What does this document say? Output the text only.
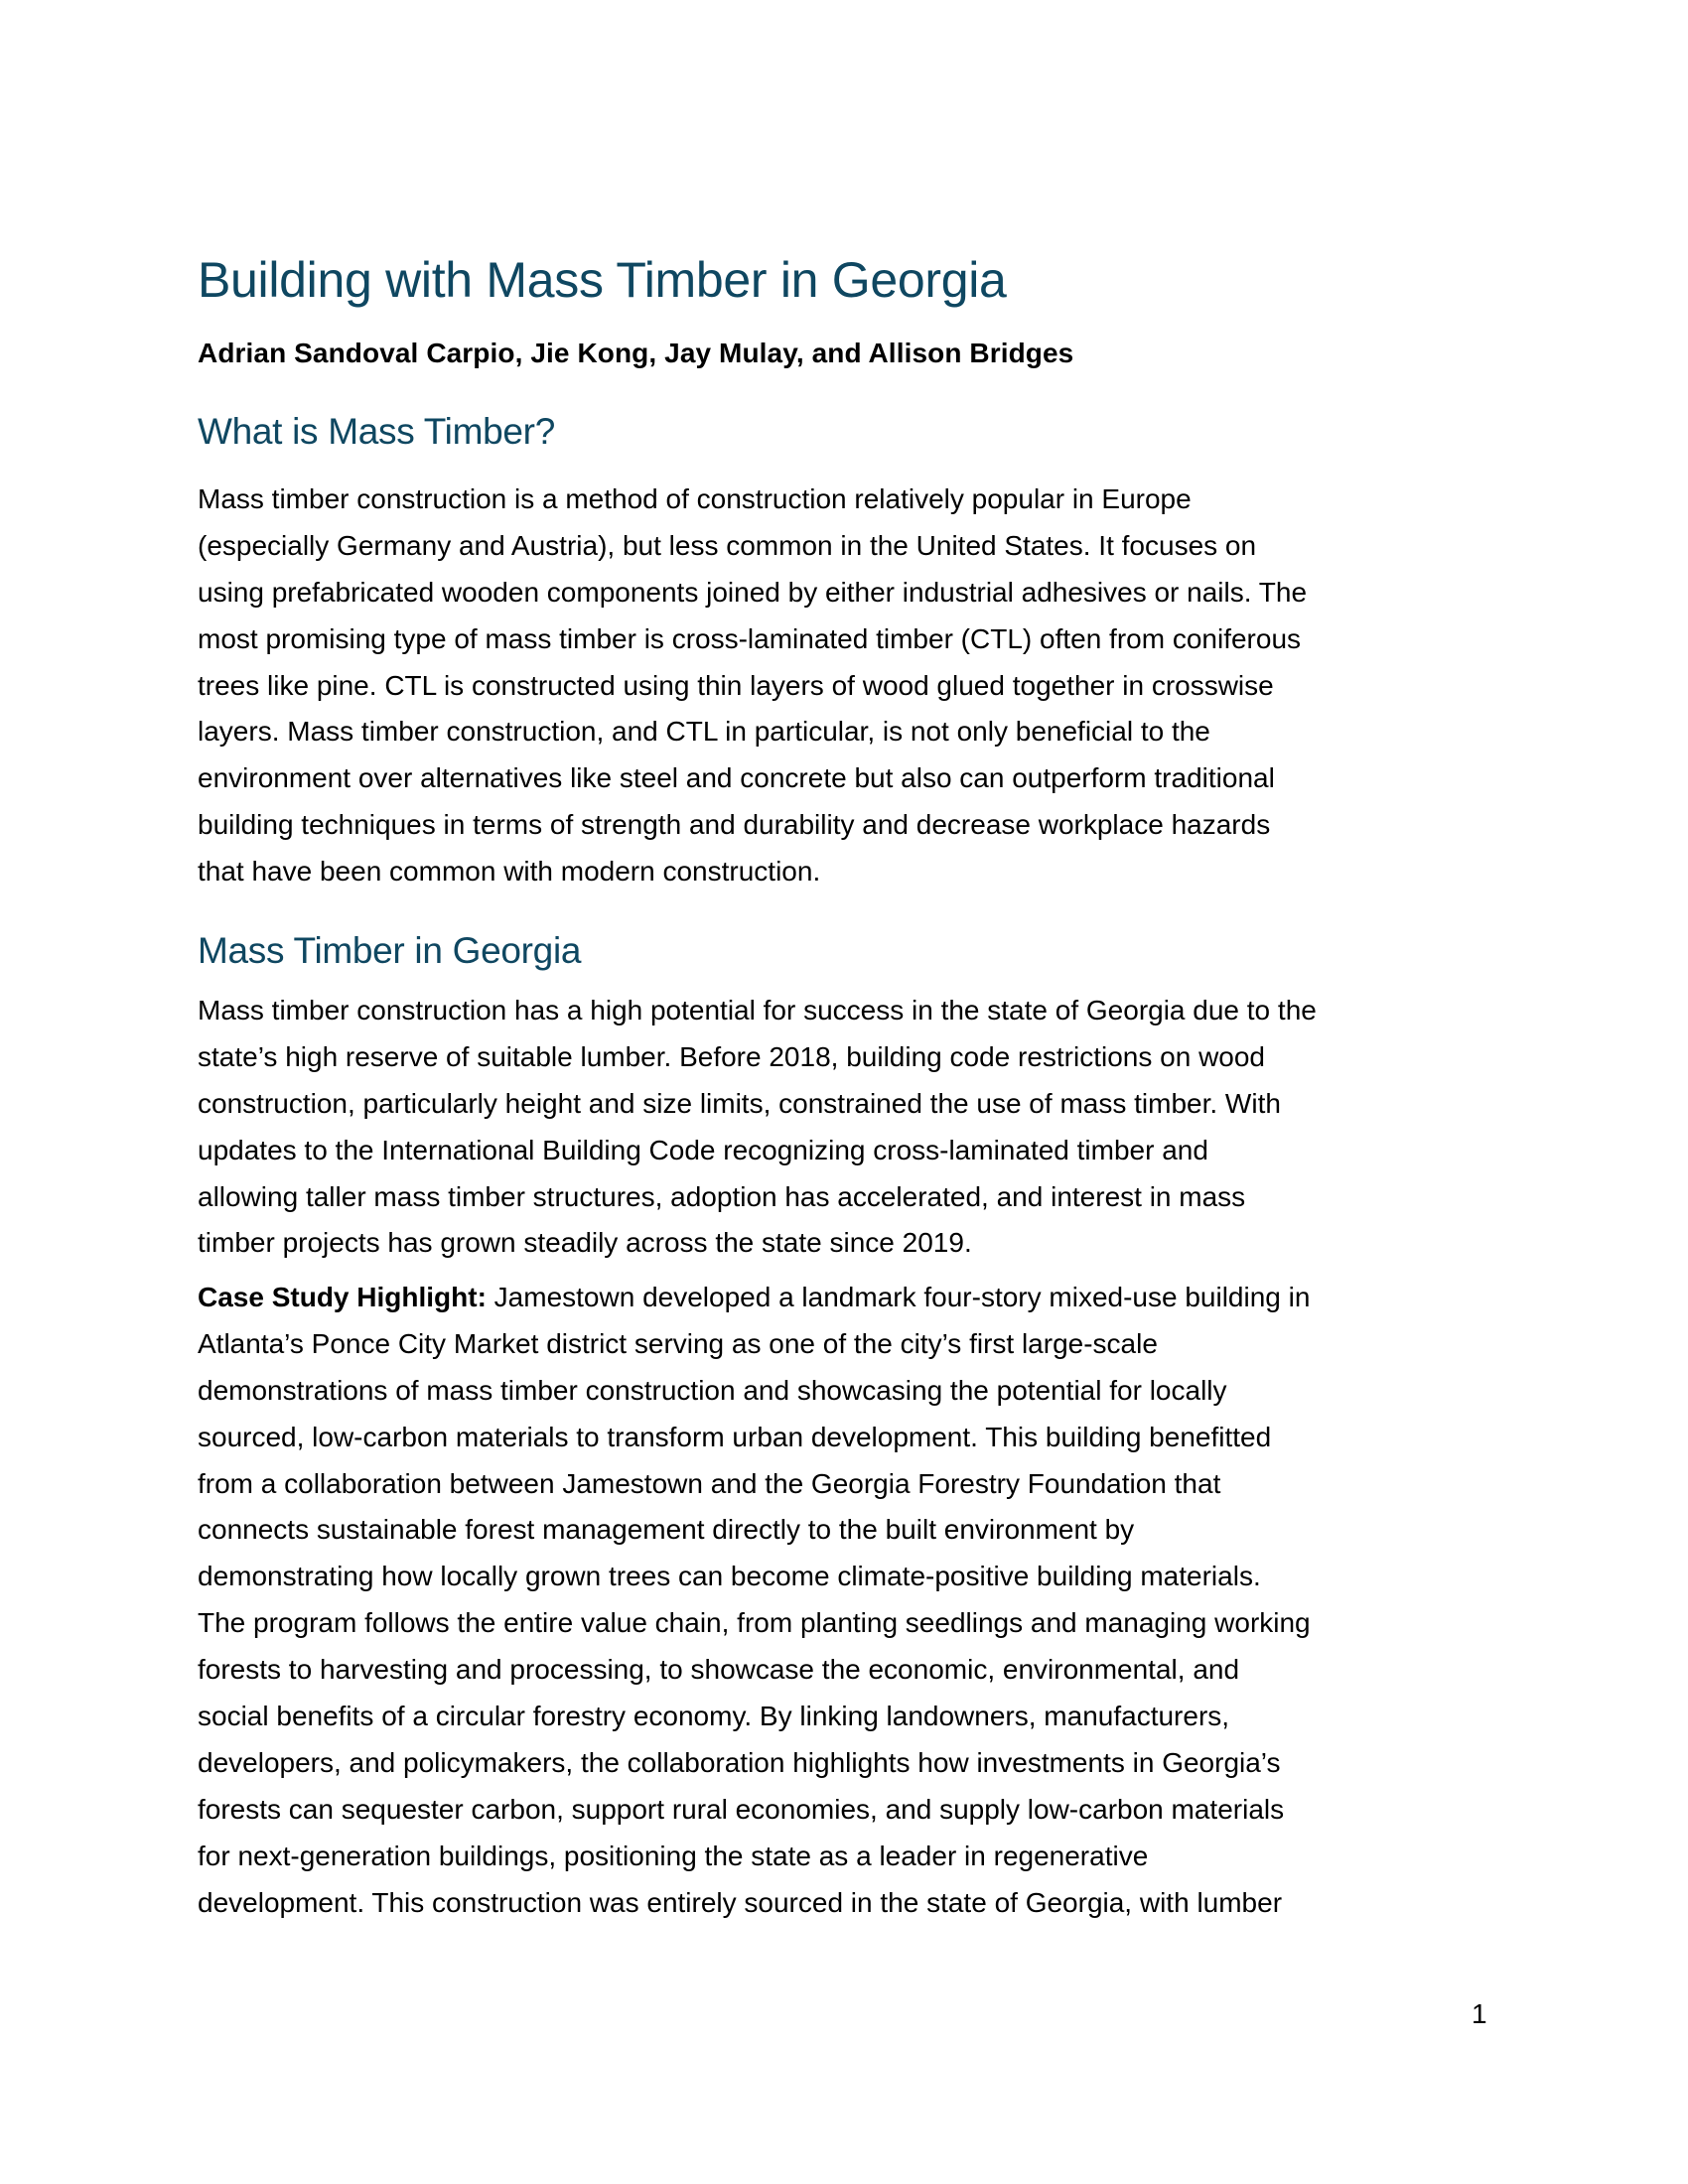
Building with Mass Timber in Georgia
Adrian Sandoval Carpio, Jie Kong, Jay Mulay, and Allison Bridges
What is Mass Timber?
Mass timber construction is a method of construction relatively popular in Europe
(especially Germany and Austria), but less common in the United States. It focuses on
using prefabricated wooden components joined by either industrial adhesives or nails. The
most promising type of mass timber is cross-laminated timber (CTL) often from coniferous
trees like pine. CTL is constructed using thin layers of wood glued together in crosswise
layers. Mass timber construction, and CTL in particular, is not only beneficial to the
environment over alternatives like steel and concrete but also can outperform traditional
building techniques in terms of strength and durability and decrease workplace hazards
that have been common with modern construction.
Mass Timber in Georgia
Mass timber construction has a high potential for success in the state of Georgia due to the
state’s high reserve of suitable lumber. Before 2018, building code restrictions on wood
construction, particularly height and size limits, constrained the use of mass timber. With
updates to the International Building Code recognizing cross-laminated timber and
allowing taller mass timber structures, adoption has accelerated, and interest in mass
timber projects has grown steadily across the state since 2019.
Case Study Highlight: Jamestown developed a landmark four-story mixed-use building in
Atlanta’s Ponce City Market district serving as one of the city’s first large-scale
demonstrations of mass timber construction and showcasing the potential for locally
sourced, low-carbon materials to transform urban development. This building benefitted
from a collaboration between Jamestown and the Georgia Forestry Foundation that
connects sustainable forest management directly to the built environment by
demonstrating how locally grown trees can become climate-positive building materials.
The program follows the entire value chain, from planting seedlings and managing working
forests to harvesting and processing, to showcase the economic, environmental, and
social benefits of a circular forestry economy. By linking landowners, manufacturers,
developers, and policymakers, the collaboration highlights how investments in Georgia’s
forests can sequester carbon, support rural economies, and supply low-carbon materials
for next-generation buildings, positioning the state as a leader in regenerative
development. This construction was entirely sourced in the state of Georgia, with lumber
1
